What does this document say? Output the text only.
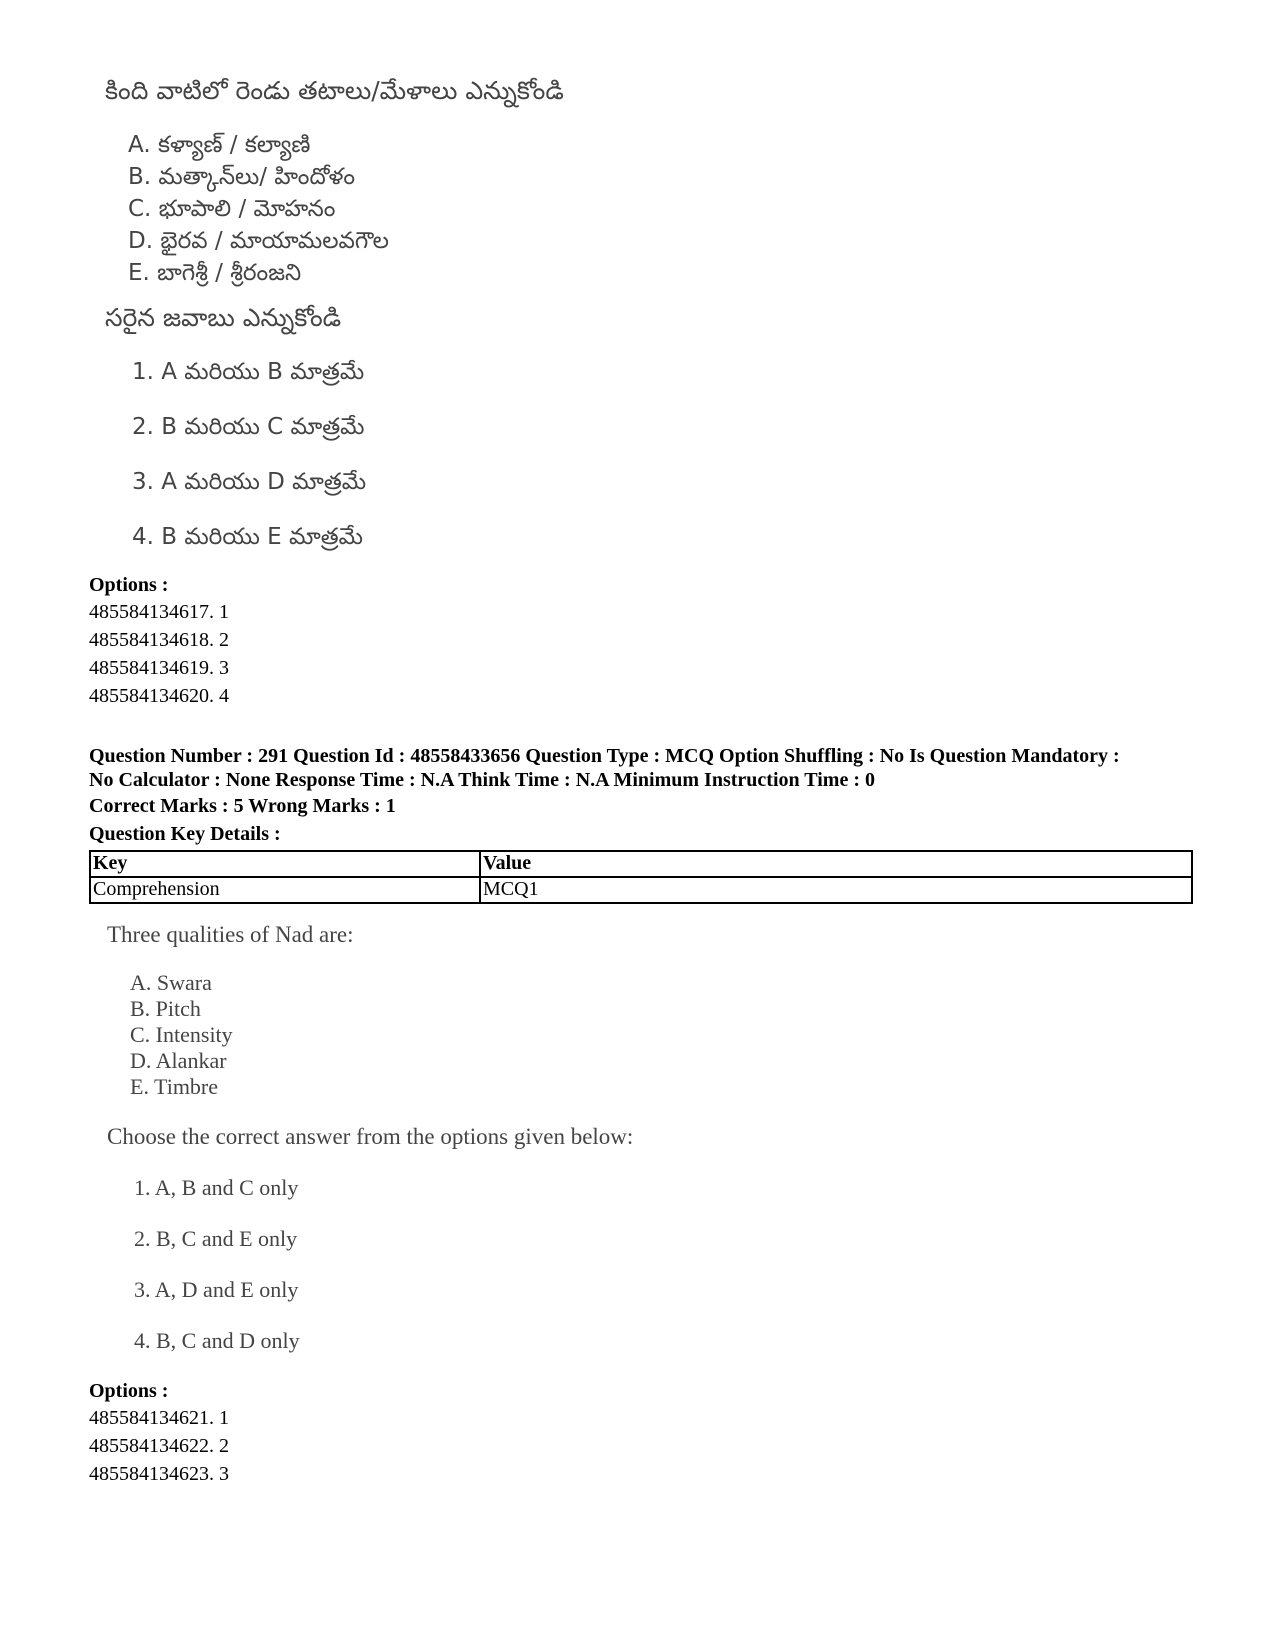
కింది వాటిలో రెండు తటాలు/మేళాలు ఎన్నుకోండి
A. కళ్యాణ్ / కల్యాణి
B. మత్కాన్‌లు/ హిందోళం
C. భూపాలి / మోహనం
D. భైరవ / మాయామలవగౌల
E. బాగెశ్రీ / శ్రీరంజని
సరైన జవాబు ఎన్నుకోండి
1. A మరియు B మాత్రమే
2. B మరియు C మాత్రమే
3. A మరియు D మాత్రమే
4. B మరియు E మాత్రమే
Options :
485584134617. 1
485584134618. 2
485584134619. 3
485584134620. 4
Question Number : 291 Question Id : 48558433656 Question Type : MCQ Option Shuffling : No Is Question Mandatory :
No Calculator : None Response Time : N.A Think Time : N.A Minimum Instruction Time : 0
Correct Marks : 5 Wrong Marks : 1
Question Key Details :
Key	Value
Comprehension	MCQ1
Three qualities of Nad are:
A. Swara
B. Pitch
C. Intensity
D. Alankar
E. Timbre
Choose the correct answer from the options given below:
1. A, B and C only
2. B, C and E only
3. A, D and E only
4. B, C and D only
Options :
485584134621. 1
485584134622. 2
485584134623. 3
